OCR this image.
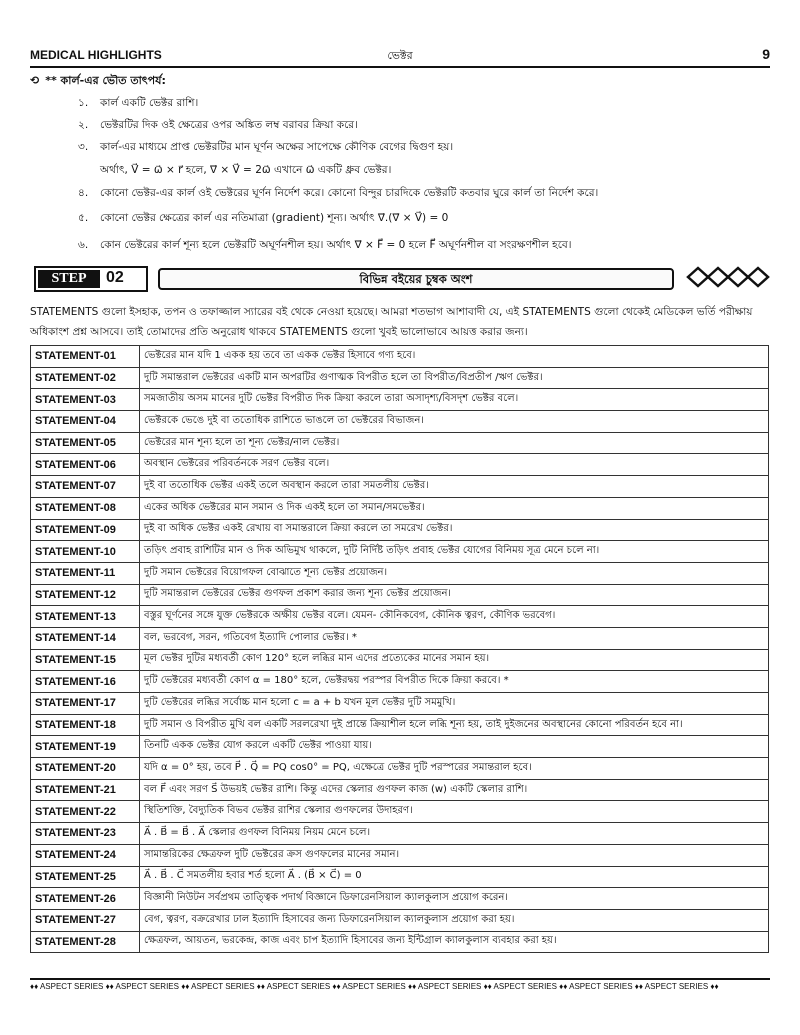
MEDICAL HIGHLIGHTS	ভেক্টর	9
⟲ ** কার্ল-এর ভৌত তাৎপর্য:
১. কার্ল একটি ভেক্টর রাশি।
২. ভেক্টরটির দিক ওই ক্ষেত্রের ওপর অঙ্কিত লম্ব বরাবর ক্রিয়া করে।
৩. কার্ল-এর মাধ্যমে প্রাপ্ত ভেক্টরটির মান ঘূর্ণন অক্ষের সাপেক্ষে কৌণিক বেগের দ্বিগুণ হয়।
অর্থাৎ, V⃗ = ω⃗ × r⃗ হলে, ∇⃗ × V⃗ = 2ω⃗ এখানে ω⃗ একটি ধ্রুব ভেক্টর।
৪. কোনো ভেক্টর-এর কার্ল ওই ভেক্টরের ঘূর্ণন নির্দেশ করে। কোনো বিন্দুর চারদিকে ভেক্টরটি কতবার ঘুরে কার্ল তা নির্দেশ করে।
৫. কোনো ভেক্টর ক্ষেত্রের কার্ল এর নতিমাত্রা (gradient) শূন্য। অর্থাৎ ∇⃗.(∇⃗ × V⃗) = 0
৬. কোন ভেক্টরের কার্ল শূন্য হলে ভেক্টরটি অঘূর্ণনশীল হয়। অর্থাৎ ∇⃗ × F⃗ = 0 হলে F⃗ অঘূর্ণনশীল বা সংরক্ষণশীল হবে।
STEP	02	বিভিন্ন বইয়ের চুম্বক অংশ
STATEMENTS গুলো ইসহাক, তপন ও তফাজ্জাল স্যারের বই থেকে নেওয়া হয়েছে। আমরা শতভাগ আশাবাদী যে, এই STATEMENTS গুলো থেকেই মেডিকেল ভর্তি পরীক্ষায় অধিকাংশ প্রশ্ন আসবে। তাই তোমাদের প্রতি অনুরোধ থাকবে STATEMENTS গুলো খুবই ভালোভাবে আয়ত্ত করার জন্য।
STATEMENT-01	ভেক্টরের মান যদি 1 একক হয় তবে তা একক ভেক্টর হিসাবে গণ্য হবে।
STATEMENT-02	দুটি সমান্তরাল ভেক্টরের একটি মান অপরটির গুণাত্মক বিপরীত হলে তা বিপরীত/বিপ্রতীপ /ঋণ ভেক্টর।
STATEMENT-03	সমজাতীয় অসম মানের দুটি ভেক্টর বিপরীত দিক ক্রিয়া করলে তারা অসাদৃশ্য/বিসদৃশ ভেক্টর বলে।
STATEMENT-04	ভেক্টরকে ভেঙে দুই বা ততোধিক রাশিতে ভাঙলে তা ভেক্টরের বিভাজন।
STATEMENT-05	ভেক্টরের মান শূন্য হলে তা শূন্য ভেক্টর/নাল ভেক্টর।
STATEMENT-06	অবস্থান ভেক্টরের পরিবর্তনকে সরণ ভেক্টর বলে।
STATEMENT-07	দুই বা ততোধিক ভেক্টর একই তলে অবস্থান করলে তারা সমতলীয় ভেক্টর।
STATEMENT-08	একের অধিক ভেক্টরের মান সমান ও দিক একই হলে তা সমান/সমভেক্টর।
STATEMENT-09	দুই বা অধিক ভেক্টর একই রেখায় বা সমান্তরালে ক্রিয়া করলে তা সমরেখ ভেক্টর।
STATEMENT-10	তড়িৎ প্রবাহ রাশিটির মান ও দিক অভিমুখ থাকলে, দুটি নির্দিষ্ট তড়িৎ প্রবাহ ভেক্টর যোগের বিনিময় সূত্র মেনে চলে না।
STATEMENT-11	দুটি সমান ভেক্টরের বিয়োগফল বোঝাতে শূন্য ভেক্টর প্রয়োজন।
STATEMENT-12	দুটি সমান্তরাল ভেক্টরের ভেক্টর গুণফল প্রকাশ করার জন্য শূন্য ভেক্টর প্রয়োজন।
STATEMENT-13	বস্তুর ঘূর্ণনের সঙ্গে যুক্ত ভেক্টরকে অক্ষীয় ভেক্টর বলে। যেমন- কৌনিকবেগ, কৌনিক ত্বরণ, কৌণিক ভরবেগ।
STATEMENT-14	বল, ভরবেগ, সরন, গতিবেগ ইত্যাদি পোলার ভেক্টর। *
STATEMENT-15	মূল ভেক্টর দুটির মধ্যবর্তী কোণ 120° হলে লব্ধির মান এদের প্রত্যেকের মানের সমান হয়।
STATEMENT-16	দুটি ভেক্টরের মধ্যবর্তী কোণ α = 180° হলে, ভেক্টরদ্বয় পরস্পর বিপরীত দিকে ক্রিয়া করবে। *
STATEMENT-17	দুটি ভেক্টরের লব্ধির সর্বোচ্চ মান হলো c = a + b যখন মূল ভেক্টর দুটি সমমুখি।
STATEMENT-18	দুটি সমান ও বিপরীত মুখি বল একটি সরলরেখা দুই প্রান্তে ক্রিয়াশীল হলে লব্ধি শূন্য হয়, তাই দুইজনের অবস্থানের কোনো পরিবর্তন হবে না।
STATEMENT-19	তিনটি একক ভেক্টর যোগ করলে একটি ভেক্টর পাওয়া যায়।
STATEMENT-20	যদি α = 0° হয়, তবে P⃗ . Q⃗ = PQ cos0° = PQ, এক্ষেত্রে ভেক্টর দুটি পরস্পরের সমান্তরাল হবে।
STATEMENT-21	বল F⃗ এবং সরণ S⃗ উভয়ই ভেক্টর রাশি। কিন্তু এদের স্কেলার গুণফল কাজ (w) একটি স্কেলার রাশি।
STATEMENT-22	স্থিতিশক্তি, বৈদ্যুতিক বিভব ভেক্টর রাশির স্কেলার গুণফলের উদাহরণ।
STATEMENT-23	A⃗ . B⃗ = B⃗ . A⃗ স্কেলার গুণফল বিনিময় নিয়ম মেনে চলে।
STATEMENT-24	সামান্তরিকের ক্ষেত্রফল দুটি ভেক্টরের ক্রস গুণফলের মানের সমান।
STATEMENT-25	A⃗ . B⃗ . C⃗ সমতলীয় হবার শর্ত হলো A⃗ . (B⃗ × C⃗) = 0
STATEMENT-26	বিজ্ঞানী নিউটন সর্বপ্রথম তাত্ত্বিক পদার্থ বিজ্ঞানে ডিফারেনসিয়াল ক্যালকুলাস প্রয়োগ করেন।
STATEMENT-27	বেগ, ত্বরণ, বক্ররেখার ঢাল ইত্যাদি হিসাবের জন্য ডিফারেনসিয়াল ক্যালকুলাস প্রয়োগ করা হয়।
STATEMENT-28	ক্ষেত্রফল, আয়তন, ভরকেন্দ্র, কাজ এবং চাপ ইত্যাদি হিসাবের জন্য ইন্টিগ্রাল ক্যালকুলাস ব্যবহার করা হয়।
♦♦ ASPECT SERIES ♦♦ ASPECT SERIES ♦♦ ASPECT SERIES ♦♦ ASPECT SERIES ♦♦ ASPECT SERIES ♦♦ ASPECT SERIES ♦♦ ASPECT SERIES ♦♦ ASPECT SERIES ♦♦ ASPECT SERIES ♦♦
